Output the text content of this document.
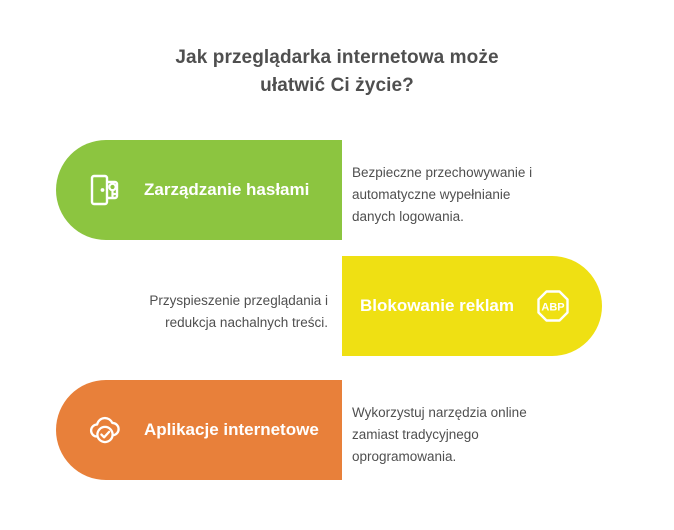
Jak przeglądarka internetowa może
ułatwić Ci życie?
Zarządzanie hasłami
Bezpieczne przechowywanie i
automatyczne wypełnianie
danych logowania.
Przyspieszenie przeglądania i
redukcja nachalnych treści.
Blokowanie reklam ABP
Aplikacje internetowe
Wykorzystuj narzędzia online
zamiast tradycyjnego
oprogramowania.
